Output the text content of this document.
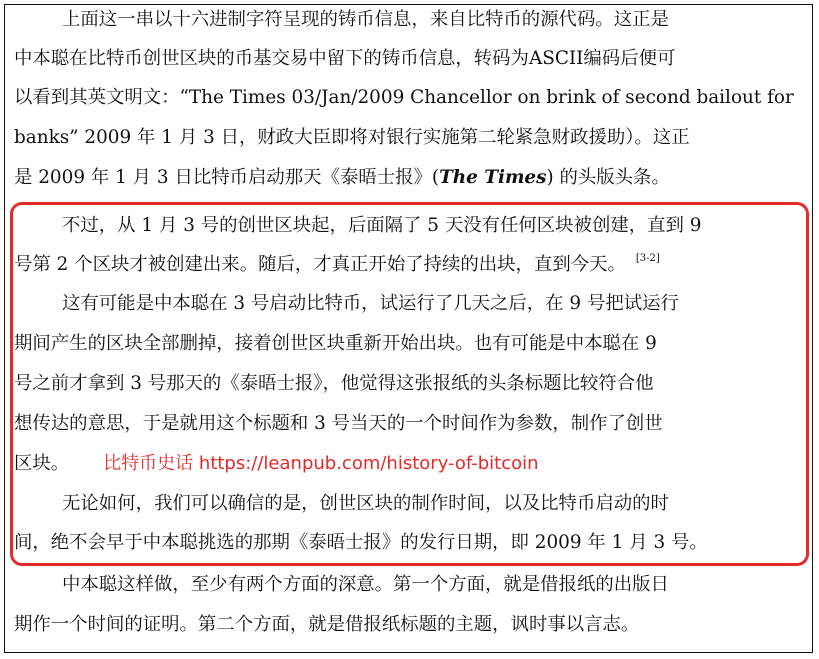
上面这一串以十六进制字符呈现的铸币信息，来自比特币的源代码。这正是
中本聪在比特币创世区块的币基交易中留下的铸币信息，转码为ASCII编码后便可
以看到其英文明文：“The Times 03/Jan/2009 Chancellor on brink of second bailout for
banks” 2009 年 1 月 3 日，财政大臣即将对银行实施第二轮紧急财政援助）。这正
是 2009 年 1 月 3 日比特币启动那天《泰晤士报》(The Times) 的头版头条。
不过，从 1 月 3 号的创世区块起，后面隔了 5 天没有任何区块被创建，直到 9
号第 2 个区块才被创建出来。随后，才真正开始了持续的出块，直到今天。 [3-2]
这有可能是中本聪在 3 号启动比特币，试运行了几天之后，在 9 号把试运行
期间产生的区块全部删掉，接着创世区块重新开始出块。也有可能是中本聪在 9
号之前才拿到 3 号那天的《泰晤士报》，他觉得这张报纸的头条标题比较符合他
想传达的意思，于是就用这个标题和 3 号当天的一个时间作为参数，制作了创世
区块。 比特币史话 https://leanpub.com/history-of-bitcoin
无论如何，我们可以确信的是，创世区块的制作时间，以及比特币启动的时
间，绝不会早于中本聪挑选的那期《泰晤士报》的发行日期，即 2009 年 1 月 3 号。
中本聪这样做，至少有两个方面的深意。第一个方面，就是借报纸的出版日
期作一个时间的证明。第二个方面，就是借报纸标题的主题，讽时事以言志。
